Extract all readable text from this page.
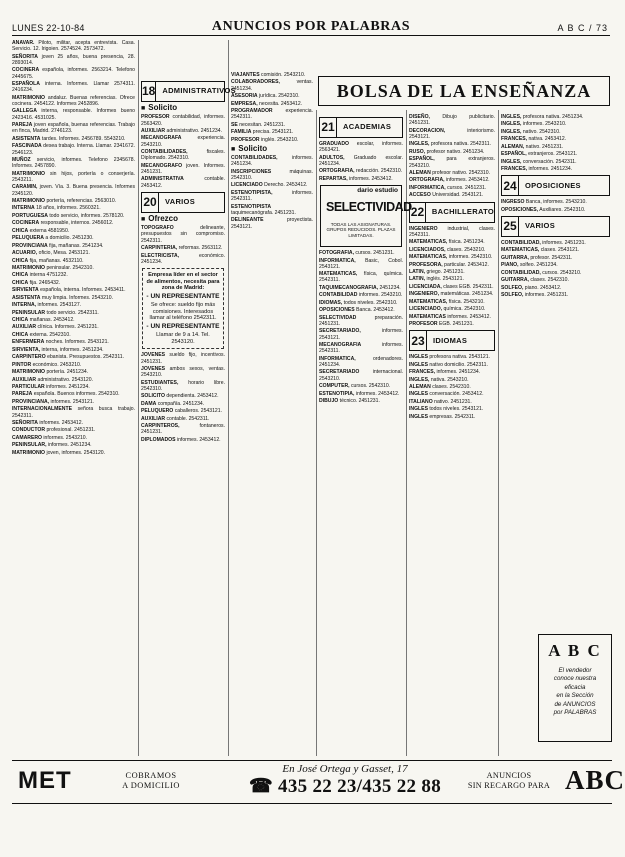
LUNES 22-10-84	ANUNCIOS POR PALABRAS	A B C / 73

ANAVAR. Piloto, militar, acepta entrevista. Casa. Servicio. 12. Irigoien. 2574524. 2573472.

SEÑORITA joven 25 años, buena presencia, 28. 2893014.

COCINERA española, informes. 2563214. Telefono 2445675.

ESPAÑOLA interna. Informes. Llamar 2574311. 2416234.

MATRIMONIO andaluz. Buenas referencias. Ofrece cocinera. 2454122. Informes 2452896.

GALLEGA interna, responsable. Informes bueno 2423416. 4531025.

PAREJA joven española, buenas referencias. Trabajo en finca, Madrid. 2746123.

ASISTENTA tardes. Informes. 2456789. 5543210.

FASCINADA desea trabajo. Interna. Llamar. 2341672. 2546123.

MUÑOZ servicio, informes. Telefono 2345678. Informes. 2457890.

MATRIMONIO sin hijos, portería o conserjería. 2543211.

CARAMIN, joven. Vía. 3. Buena presencia. Informes 2345120.

MATRIMONIO portería, referencias. 2563010.

INTERNA 18 años, informes. 2560321.

PORTUGUESA todo servicio, informes. 2578120.

COCINERA responsable, internos. 2456012.

CHICA externa 4581950.

PELUQUERA a domicilio. 2451230.

PROVINCIANA fija, mañanas. 2541234.

ACUARIO, oficio, Mesa. 2453121.

CHICA fija, mañanas. 4532110.

MATRIMONIO peninsular. 2542310.

CHICA interna 4751232.

CHICA fija. 2465432.

SIRVIENTA española, interna. Informes. 2453411.

ASISTENTA muy limpia. Informes. 2543210.

INTERNA, informes. 2543127.

PENINSULAR todo servicio. 2542311.

CHICA mañanas. 2453412.

AUXILIAR clínica. Informes. 2451231.

CHICA externa. 2542310.

ENFERMERA noches. Informes. 2543121.

SIRVIENTA, interna, informes. 2451234.

CARPINTERO ebanista. Presupuestos. 2542311.

PINTOR económico. 2453210.

MATRIMONIO portería. 2451234.

AUXILIAR administrativo. 2543120.

PARTICULAR informes. 2451234.

PAREJA española. Buenos informes. 2542310.

PROVINCIANA, informes. 2543121.

INTERNACIONALMENTE señora busca trabajo. 2542311.

SEÑORITA informes. 2453412.

CONDUCTOR profesional. 2451231.

CAMARERO informes. 2543210.

PENINSULAR, informes. 2451234.

MATRIMONIO joven, informes. 2543120.

18 ADMINISTRATIVOS
■ Solicito

PROFESOR contabilidad, informes. 2563420.

AUXILIAR administrativo. 2451234.

MECANOGRAFA	experiencia. 2543210.

CONTABILIDADES,	fiscales. Diplomado. 2542310.

MECANOGRAFO joven. Informes. 2451231.

ADMINISTRATIVA	contable. 2453412.

20	VARIOS
■ Ofrezco

TOPOGRAFO	delineante, presupuestos sin compromiso. 2542311.

CARPINTERIA, reformas. 2563112.

ELECTRICISTA,	económico. 2451234.

Empresa líder en el sector de alimentos, necesita para zona de Madrid:
- UN REPRESENTANTE
Se ofrece: sueldo fijo más comisiones. Interesados llamar al teléfono 2542311.
- UN REPRESENTANTE
Llamar de 9 a 14. Tel. 2543120.

JOVENES sueldo fijo, incentivos. 2451231.

JOVENES ambos sexos, ventas. 2543210.

ESTUDIANTES, horario libre. 2542310.

SOLICITO dependienta. 2453412.

DAMA compañía. 2451234.

PELUQUERO caballeros. 2543121.

AUXILIAR contable. 2542311.

CARPINTEROS,	fontaneros. 2451231.

DIPLOMADOS informes. 2453412.

VIAJANTES comisión. 2543210.

COLABORADORES,	ventas. 2451234.

ASESORIA jurídica. 2542310.

EMPRESA, necesita. 2453412.

PROGRAMADOR	experiencia. 2542311.

SE necesitan. 2451231.

FAMILIA precisa. 2543121.

PROFESOR inglés. 2543210.

■ Solicito

CONTABILIDADES,	informes. 2451234.

INSCRIPCIONES	máquinas. 2542310.

LICENCIADO Derecho. 2453412.

ESTENOTIPISTA,	informes. 2542311.

ESTENOTIPISTA taquimecanógrafa. 2451231.

DELINEANTE	proyectista. 2543121.

BOLSA DE LA ENSEÑANZA
21	ACADEMIAS

GRADUADO escolar, informes. 2563421.

ADULTOS, Graduado escolar. 2451234.

ORTOGRAFIA, redacción. 2542310.

REPARTAS, informes. 2453412.

dario estudio
SELECTIVIDAD
TODAS LAS ASIGNATURAS. GRUPOS REDUCIDOS. PLAZAS LIMITADAS.

FOTOGRAFIA, cursos. 2451231.

INFORMATICA, Basic, Cobol. 2543121.

MATEMATICAS, física, química. 2542311.

TAQUIMECANOGRAFIA, 2451234.

CONTABILIDAD informes. 2543210.

IDIOMAS, todos niveles. 2542310.

OPOSICIONES Banca. 2453412.

SELECTIVIDAD	preparación. 2451231.

SECRETARIADO,	informes. 2543121.

MECANOGRAFIA	informes. 2542311.

INFORMATICA,	ordenadores. 2451234.

SECRETARIADO	internacional. 2543210.

COMPUTER, cursos. 2542310.

ESTENOTIPIA, informes. 2453412.

DIBUJO técnico. 2451231.

DISEÑO, Dibujo publicitario. 2451231.

DECORACION,	interiorismo. 2543121.

INGLES, profesora nativa. 2542311.

RUSO, profesor nativo. 2451234.

ESPAÑOL, para extranjeros. 2543210.

ALEMAN profesor nativo. 2542310.

ORTOGRAFIA, informes. 2453412.

INFORMATICA, cursos. 2451231.

ACCESO Universidad. 2543121.

22	BACHILLERATO

INGENIERO industrial, clases. 2542311.

MATEMATICAS, física. 2451234.

LICENCIADOS, clases. 2543210.

MATEMATICAS, informes. 2542310.

PROFESORA, particular. 2453412.

LATIN, griego. 2451231.

LATIN, inglés. 2543121.

LICENCIADA, clases EGB. 2542311.

INGENIERO, matemáticas. 2451234.

MATEMATICAS, física. 2543210.

LICENCIADO, química. 2542310.

MATEMATICAS informes. 2453412.

PROFESOR EGB. 2451231.

23	IDIOMAS

INGLES profesora nativa. 2543121.

INGLES nativo domicilio. 2542311.

FRANCES, informes. 2451234.

INGLES, nativa. 2543210.

ALEMAN clases. 2542310.

INGLES conversación. 2453412.

ITALIANO nativo. 2451231.

INGLES todos niveles. 2543121.

INGLES empresas. 2542311.

INGLES, profesora nativa. 2451234.

INGLES, informes. 2543210.

INGLES, nativo. 2542310.

FRANCES, nativa. 2453412.

ALEMAN, nativo. 2451231.

ESPAÑOL, extranjeros. 2543121.

INGLES, conversación. 2542311.

FRANCES, informes. 2451234.

24	OPOSICIONES

INGRESO Banca, informes. 2543210.

OPOSICIONES, Auxiliares. 2542310.

25	VARIOS

CONTABILIDAD, informes. 2451231.

MATEMATICAS, clases. 2543121.

GUITARRA, profesor. 2542311.

PIANO, solfeo. 2451234.

CONTABILIDAD, cursos. 2543210.

GUITARRA, clases. 2542310.

SOLFEO, piano. 2453412.

SOLFEO, informes. 2451231.

A B C
El vendedor
conoce nuestra
eficacia
en la Sección
de ANUNCIOS
por PALABRAS
MET	COBRAMOS
A DOMICILIO
En José Ortega y Gasset, 17
☎ 435 22 23/435 22 88
ANUNCIOS
SIN RECARGO PARA ABC
